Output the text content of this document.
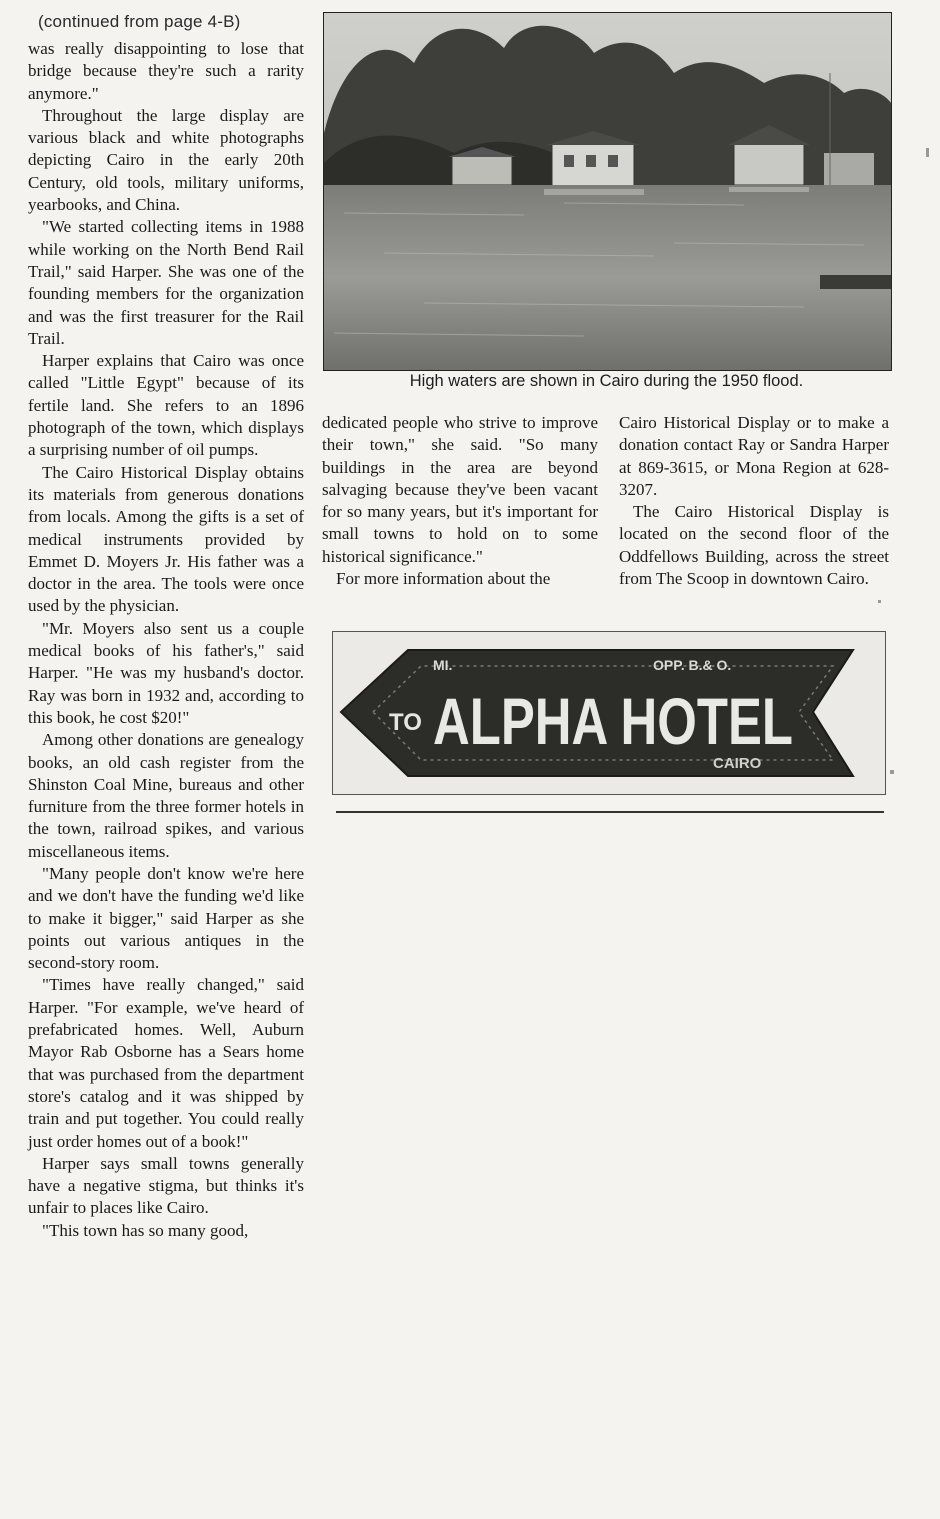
(continued from page 4-B)

was really disappointing to lose that bridge because they're such a rarity anymore."

Throughout the large display are various black and white photographs depicting Cairo in the early 20th Century, old tools, military uniforms, yearbooks, and China.

"We started collecting items in 1988 while working on the North Bend Rail Trail," said Harper. She was one of the founding members for the organization and was the first treasurer for the Rail Trail.

Harper explains that Cairo was once called "Little Egypt" because of its fertile land. She refers to an 1896 photograph of the town, which displays a surprising number of oil pumps.

The Cairo Historical Display obtains its materials from generous donations from locals. Among the gifts is a set of medical instruments provided by Emmet D. Moyers Jr. His father was a doctor in the area. The tools were once used by the physician.

"Mr. Moyers also sent us a couple medical books of his father's," said Harper. "He was my husband's doctor. Ray was born in 1932 and, according to this book, he cost $20!"

Among other donations are genealogy books, an old cash register from the Shinston Coal Mine, bureaus and other furniture from the three former hotels in the town, railroad spikes, and various miscellaneous items.

"Many people don't know we're here and we don't have the funding we'd like to make it bigger," said Harper as she points out various antiques in the second-story room.

"Times have really changed," said Harper. "For example, we've heard of prefabricated homes. Well, Auburn Mayor Rab Osborne has a Sears home that was purchased from the department store's catalog and it was shipped by train and put together. You could really just order homes out of a book!"

Harper says small towns generally have a negative stigma, but thinks it's unfair to places like Cairo.

"This town has so many good,

High waters are shown in Cairo during the 1950 flood.

dedicated people who strive to improve their town," she said. "So many buildings in the area are beyond salvaging because they've been vacant for so many years, but it's important for small towns to hold on to some historical significance."

For more information about the

Cairo Historical Display or to make a donation contact Ray or Sandra Harper at 869-3615, or Mona Region at 628-3207.

The Cairo Historical Display is located on the second floor of the Oddfellows Building, across the street from The Scoop in downtown Cairo.

MI.	OPP. B.& O.
TO ALPHA HOTEL
CAIRO
